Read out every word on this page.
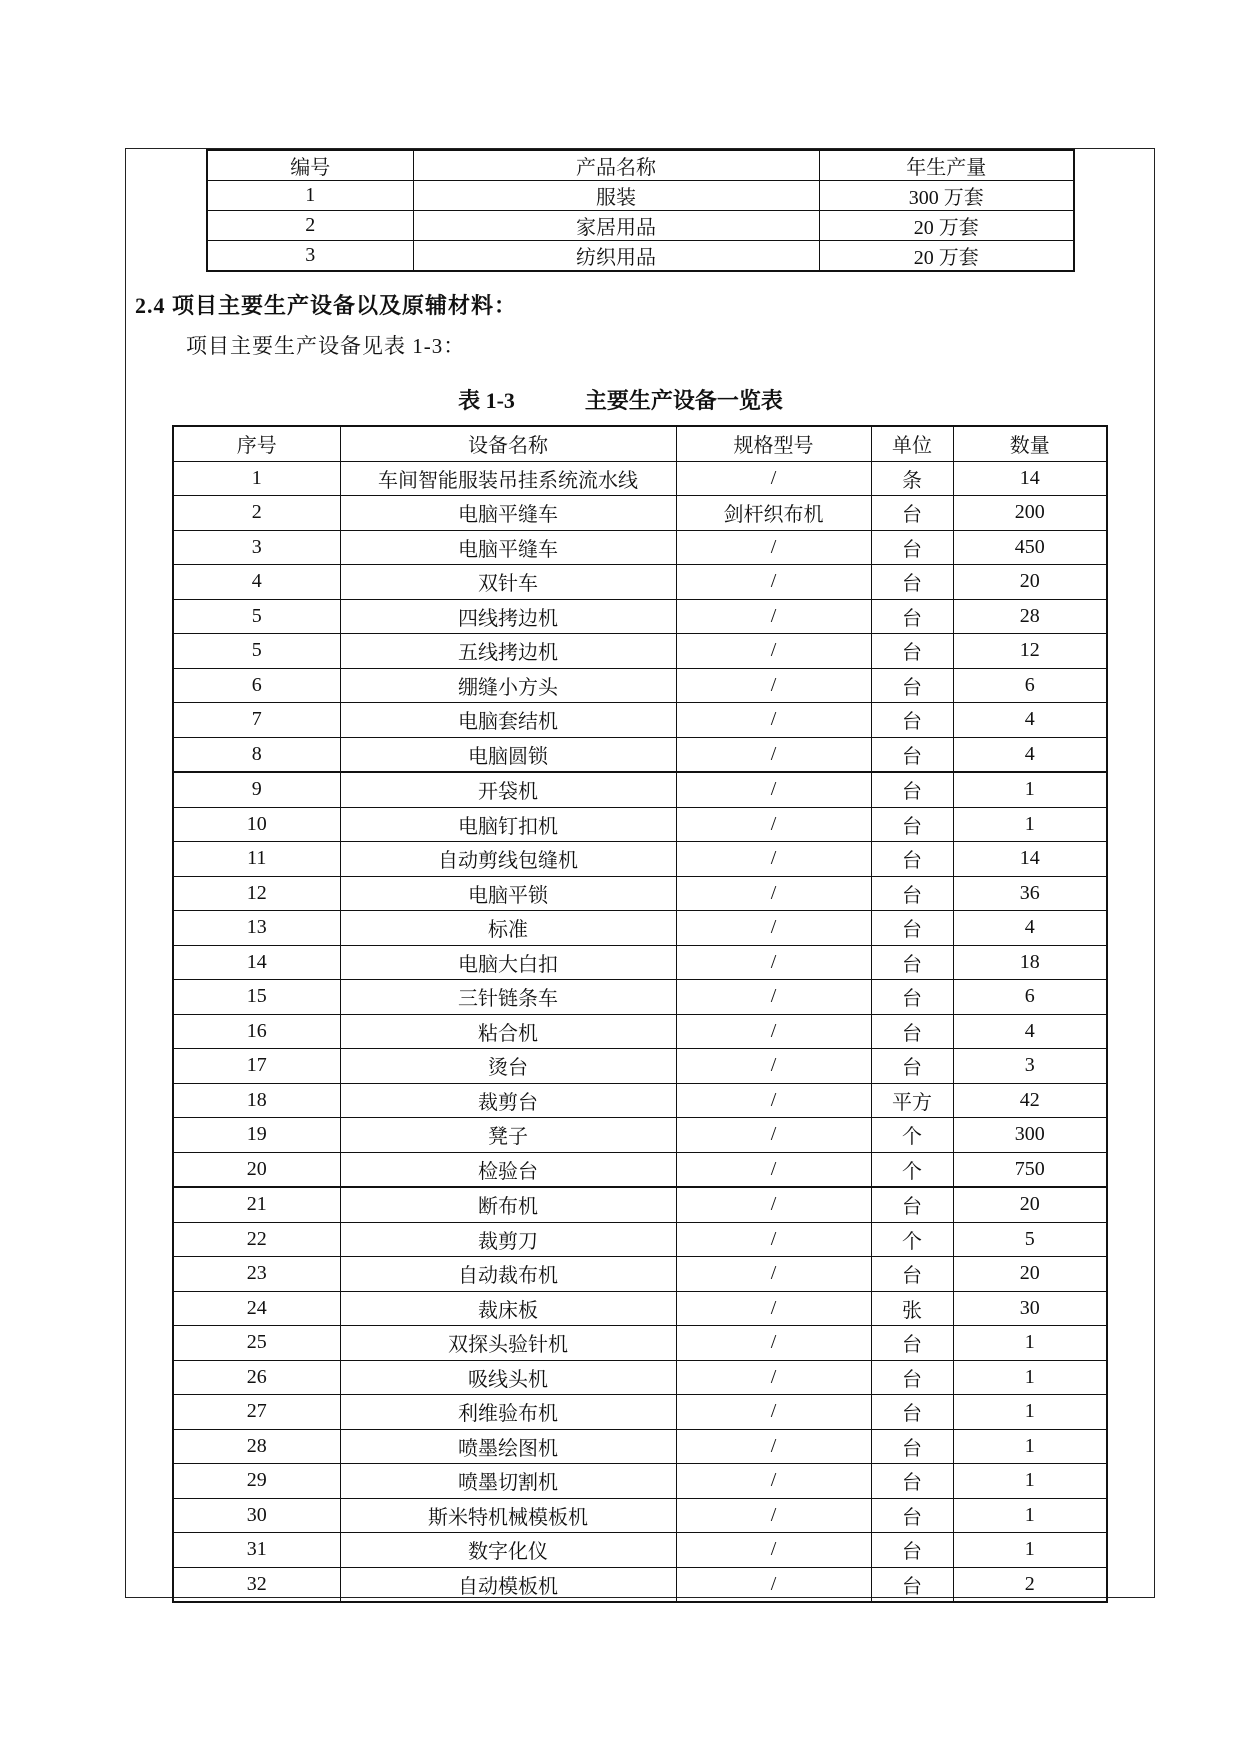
编号	产品名称	年生产量
1	服装	300 万套
2	家居用品	20 万套
3	纺织用品	20 万套
2.4 项目主要生产设备以及原辅材料：
项目主要生产设备见表 1-3：
表 1-3	主要生产设备一览表
序号	设备名称	规格型号	单位	数量
1	车间智能服装吊挂系统流水线	/	条	14
2	电脑平缝车	剑杆织布机	台	200
3	电脑平缝车	/	台	450
4	双针车	/	台	20
5	四线拷边机	/	台	28
5	五线拷边机	/	台	12
6	绷缝小方头	/	台	6
7	电脑套结机	/	台	4
8	电脑圆锁	/	台	4
9	开袋机	/	台	1
10	电脑钉扣机	/	台	1
11	自动剪线包缝机	/	台	14
12	电脑平锁	/	台	36
13	标准	/	台	4
14	电脑大白扣	/	台	18
15	三针链条车	/	台	6
16	粘合机	/	台	4
17	烫台	/	台	3
18	裁剪台	/	平方	42
19	凳子	/	个	300
20	检验台	/	个	750
21	断布机	/	台	20
22	裁剪刀	/	个	5
23	自动裁布机	/	台	20
24	裁床板	/	张	30
25	双探头验针机	/	台	1
26	吸线头机	/	台	1
27	利维验布机	/	台	1
28	喷墨绘图机	/	台	1
29	喷墨切割机	/	台	1
30	斯米特机械模板机	/	台	1
31	数字化仪	/	台	1
32	自动模板机	/	台	2
